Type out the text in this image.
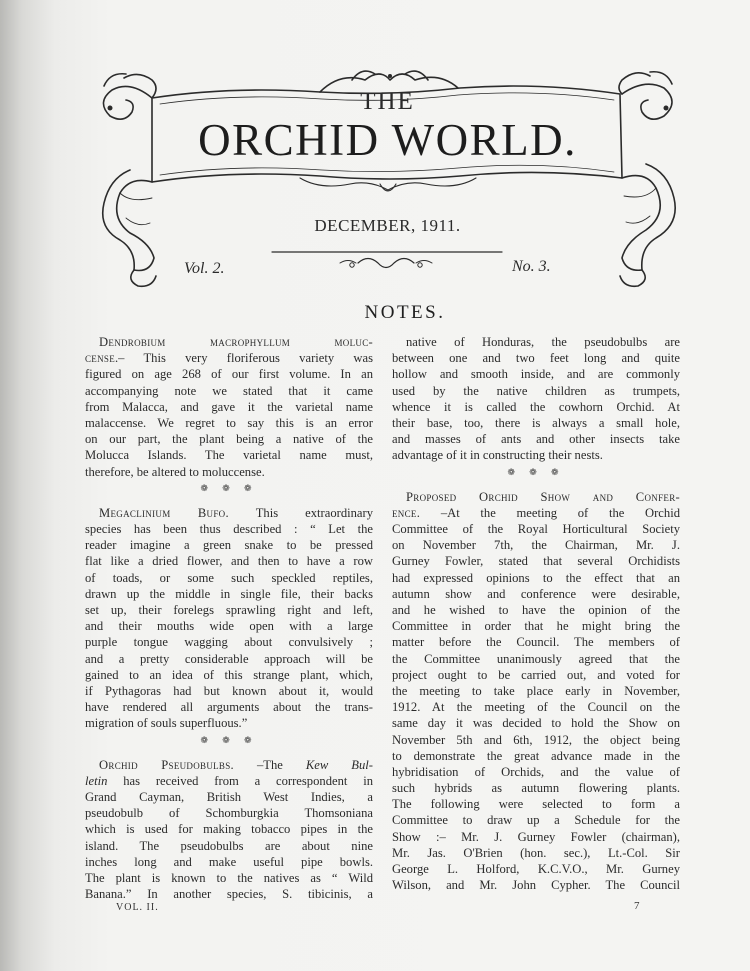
THE
ORCHID WORLD.
DECEMBER, 1911.
Vol. 2.	No. 3.
NOTES.

Dendrobium macrophyllum moluc-
cense.– This very floriferous variety was
figured on age 268 of our first volume. In an
accompanying note we stated that it came
from Malacca, and gave it the varietal name
malaccense. We regret to say this is an error
on our part, the plant being a native of the
Molucca Islands. The varietal name must,
therefore, be altered to moluccense.

❁ ❁ ❁

Megaclinium Bufo. This extraordinary
species has been thus described : “ Let the
reader imagine a green snake to be pressed
flat like a dried flower, and then to have a row
of toads, or some such speckled reptiles,
drawn up the middle in single file, their backs
set up, their forelegs sprawling right and left,
and their mouths wide open with a large
purple tongue wagging about convulsively ;
and a pretty considerable approach will be
gained to an idea of this strange plant, which,
if Pythagoras had but known about it, would
have rendered all arguments about the trans-
migration of souls superfluous.”

❁ ❁ ❁

Orchid Pseudobulbs. –The Kew Bul-
letin has received from a correspondent in
Grand Cayman, British West Indies, a
pseudobulb of Schomburgkia Thomsoniana
which is used for making tobacco pipes in the
island. The pseudobulbs are about nine
inches long and make useful pipe bowls.
The plant is known to the natives as “ Wild
Banana.” In another species, S. tibicinis, a

native of Honduras, the pseudobulbs are
between one and two feet long and quite
hollow and smooth inside, and are commonly
used by the native children as trumpets,
whence it is called the cowhorn Orchid. At
their base, too, there is always a small hole,
and masses of ants and other insects take
advantage of it in constructing their nests.

❁ ❁ ❁

Proposed Orchid Show and Confer-
ence. –At the meeting of the Orchid
Committee of the Royal Horticultural Society
on November 7th, the Chairman, Mr. J.
Gurney Fowler, stated that several Orchidists
had expressed opinions to the effect that an
autumn show and conference were desirable,
and he wished to have the opinion of the
Committee in order that he might bring the
matter before the Council. The members of
the Committee unanimously agreed that the
project ought to be carried out, and voted for
the meeting to take place early in November,
1912. At the meeting of the Council on the
same day it was decided to hold the Show on
November 5th and 6th, 1912, the object being
to demonstrate the great advance made in the
hybridisation of Orchids, and the value of
such hybrids as autumn flowering plants.
The following were selected to form a
Committee to draw up a Schedule for the
Show :– Mr. J. Gurney Fowler (chairman),
Mr. Jas. O'Brien (hon. sec.), Lt.-Col. Sir
George L. Holford, K.C.V.O., Mr. Gurney
Wilson, and Mr. John Cypher. The Council

VOL. II.	7
